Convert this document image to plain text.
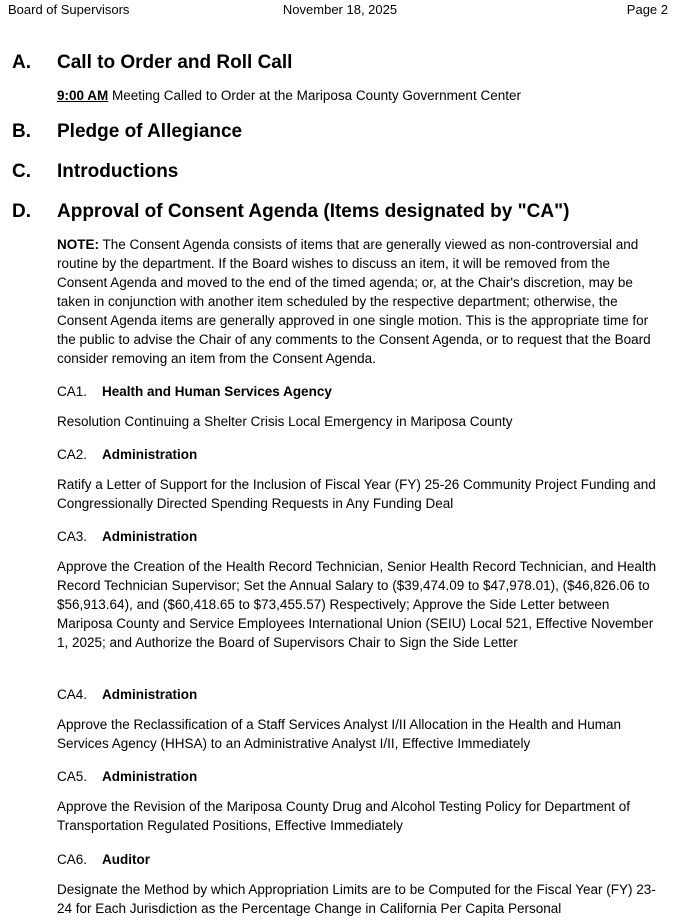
Board of Supervisors	November 18, 2025	Page 2
A. Call to Order and Roll Call
9:00 AM Meeting Called to Order at the Mariposa County Government Center
B. Pledge of Allegiance
C. Introductions
D. Approval of Consent Agenda (Items designated by "CA")
NOTE: The Consent Agenda consists of items that are generally viewed as non-controversial and routine by the department. If the Board wishes to discuss an item, it will be removed from the Consent Agenda and moved to the end of the timed agenda; or, at the Chair's discretion, may be taken in conjunction with another item scheduled by the respective department; otherwise, the Consent Agenda items are generally approved in one single motion. This is the appropriate time for the public to advise the Chair of any comments to the Consent Agenda, or to request that the Board consider removing an item from the Consent Agenda.
CA1. Health and Human Services Agency
Resolution Continuing a Shelter Crisis Local Emergency in Mariposa County
CA2. Administration
Ratify a Letter of Support for the Inclusion of Fiscal Year (FY) 25-26 Community Project Funding and Congressionally Directed Spending Requests in Any Funding Deal
CA3. Administration
Approve the Creation of the Health Record Technician, Senior Health Record Technician, and Health Record Technician Supervisor; Set the Annual Salary to ($39,474.09 to $47,978.01), ($46,826.06 to $56,913.64), and ($60,418.65 to $73,455.57) Respectively; Approve the Side Letter between Mariposa County and Service Employees International Union (SEIU) Local 521, Effective November 1, 2025; and Authorize the Board of Supervisors Chair to Sign the Side Letter
CA4. Administration
Approve the Reclassification of a Staff Services Analyst I/II Allocation in the Health and Human Services Agency (HHSA) to an Administrative Analyst I/II, Effective Immediately
CA5. Administration
Approve the Revision of the Mariposa County Drug and Alcohol Testing Policy for Department of Transportation Regulated Positions, Effective Immediately
CA6. Auditor
Designate the Method by which Appropriation Limits are to be Computed for the Fiscal Year (FY) 23-24 for Each Jurisdiction as the Percentage Change in California Per Capita Personal
